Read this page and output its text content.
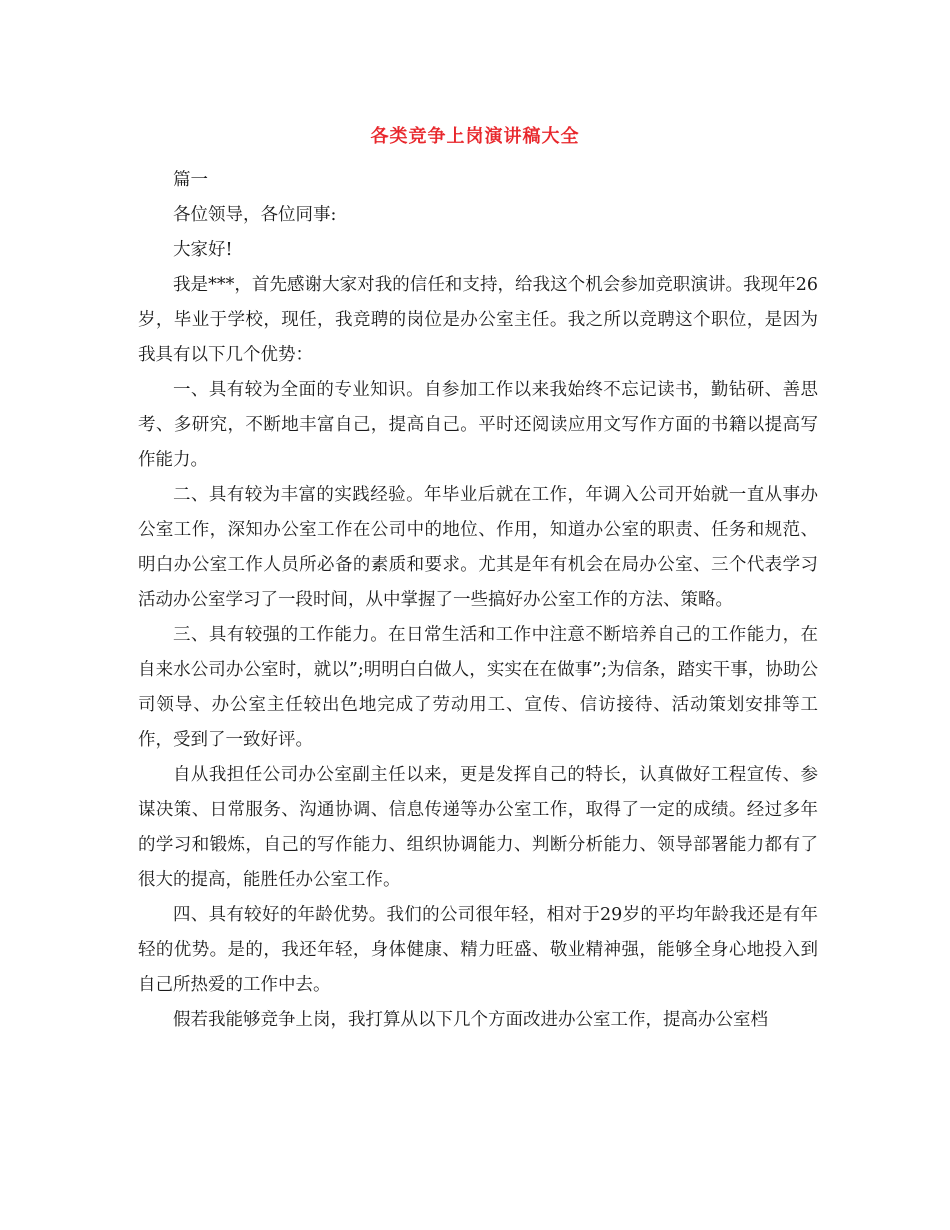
各类竞争上岗演讲稿大全

篇一

各位领导，各位同事:

大家好!

我是***，首先感谢大家对我的信任和支持，给我这个机会参加竞职演讲。我现年26岁，毕业于学校，现任，我竞聘的岗位是办公室主任。我之所以竞聘这个职位，是因为我具有以下几个优势：

一、具有较为全面的专业知识。自参加工作以来我始终不忘记读书，勤钻研、善思考、多研究，不断地丰富自己，提高自己。平时还阅读应用文写作方面的书籍以提高写作能力。

二、具有较为丰富的实践经验。年毕业后就在工作，年调入公司开始就一直从事办公室工作，深知办公室工作在公司中的地位、作用，知道办公室的职责、任务和规范、明白办公室工作人员所必备的素质和要求。尤其是年有机会在局办公室、三个代表学习活动办公室学习了一段时间，从中掌握了一些搞好办公室工作的方法、策略。

三、具有较强的工作能力。在日常生活和工作中注意不断培养自己的工作能力，在自来水公司办公室时，就以”;明明白白做人，实实在在做事”;为信条，踏实干事，协助公司领导、办公室主任较出色地完成了劳动用工、宣传、信访接待、活动策划安排等工作，受到了一致好评。

自从我担任公司办公室副主任以来，更是发挥自己的特长，认真做好工程宣传、参谋决策、日常服务、沟通协调、信息传递等办公室工作，取得了一定的成绩。经过多年的学习和锻炼，自己的写作能力、组织协调能力、判断分析能力、领导部署能力都有了很大的提高，能胜任办公室工作。

四、具有较好的年龄优势。我们的公司很年轻，相对于29岁的平均年龄我还是有年轻的优势。是的，我还年轻，身体健康、精力旺盛、敬业精神强，能够全身心地投入到自己所热爱的工作中去。

假若我能够竞争上岗，我打算从以下几个方面改进办公室工作，提高办公室档
